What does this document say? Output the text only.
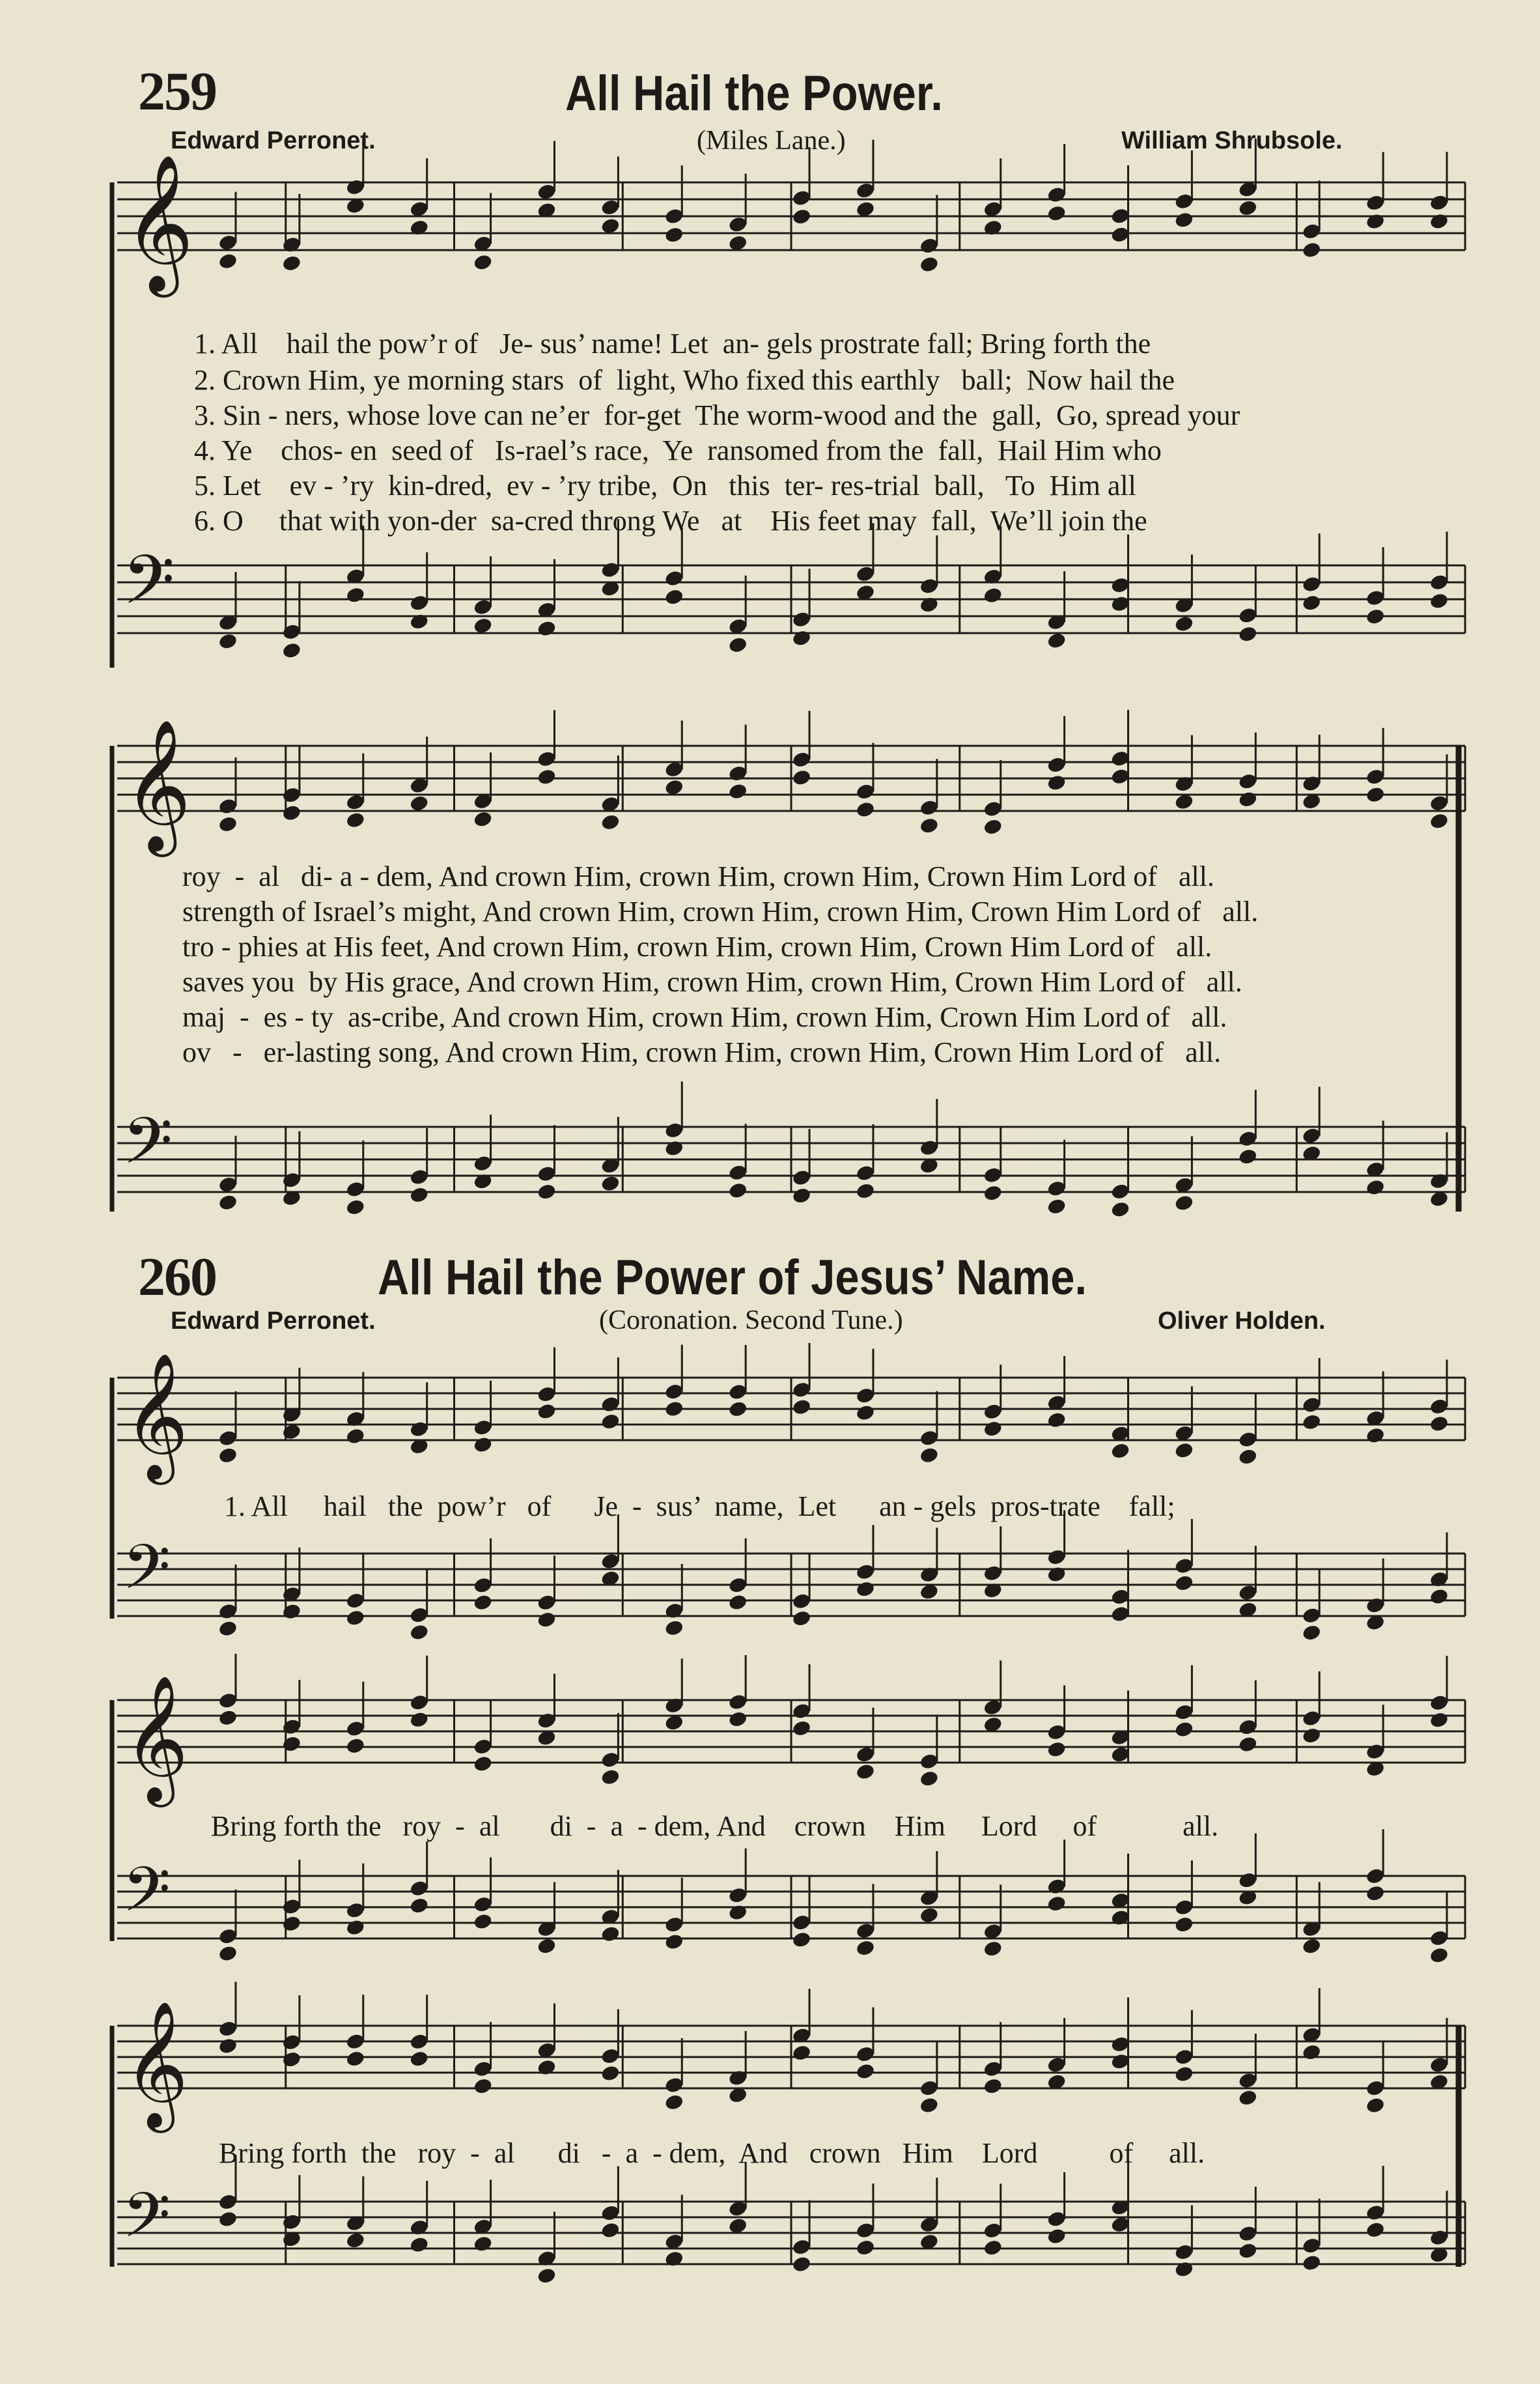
𝄞
𝄢
𝄞
𝄢
𝄞
𝄢
𝄞
𝄢
𝄞
𝄢
259	All Hail the Power.
Edward Perronet.	(Miles Lane.)	William Shrubsole.
1. All    hail the pow’r of   Je- sus’ name! Let  an- gels prostrate fall; Bring forth the
2. Crown Him, ye morning stars  of  light, Who fixed this earthly   ball;  Now hail the
3. Sin - ners, whose love can ne’er  for-get  The worm-wood and the  gall,  Go, spread your
4. Ye    chos- en  seed of   Is-rael’s race,  Ye  ransomed from the  fall,  Hail Him who
5. Let    ev - ’ry  kin-dred,  ev - ’ry tribe,  On   this  ter- res-trial  ball,   To  Him all
6. O     that with yon-der  sa-cred throng We   at    His feet may  fall,  We’ll join the
roy  -  al   di- a - dem, And crown Him, crown Him, crown Him, Crown Him Lord of   all.
strength of Israel’s might, And crown Him, crown Him, crown Him, Crown Him Lord of   all.
tro - phies at His feet, And crown Him, crown Him, crown Him, Crown Him Lord of   all.
saves you  by His grace, And crown Him, crown Him, crown Him, Crown Him Lord of   all.
maj  -  es - ty  as-cribe, And crown Him, crown Him, crown Him, Crown Him Lord of   all.
ov   -   er-lasting song, And crown Him, crown Him, crown Him, Crown Him Lord of   all.
260	All Hail the Power of Jesus’ Name.
Edward Perronet.	(Coronation. Second Tune.)	Oliver Holden.
1. All     hail   the  pow’r   of      Je  -  sus’  name,  Let      an - gels  pros-trate    fall;
Bring forth the   roy  -  al       di  -  a  - dem, And    crown    Him     Lord     of            all.
Bring forth  the   roy  -  al      di   -  a  - dem,  And   crown   Him    Lord          of     all.
